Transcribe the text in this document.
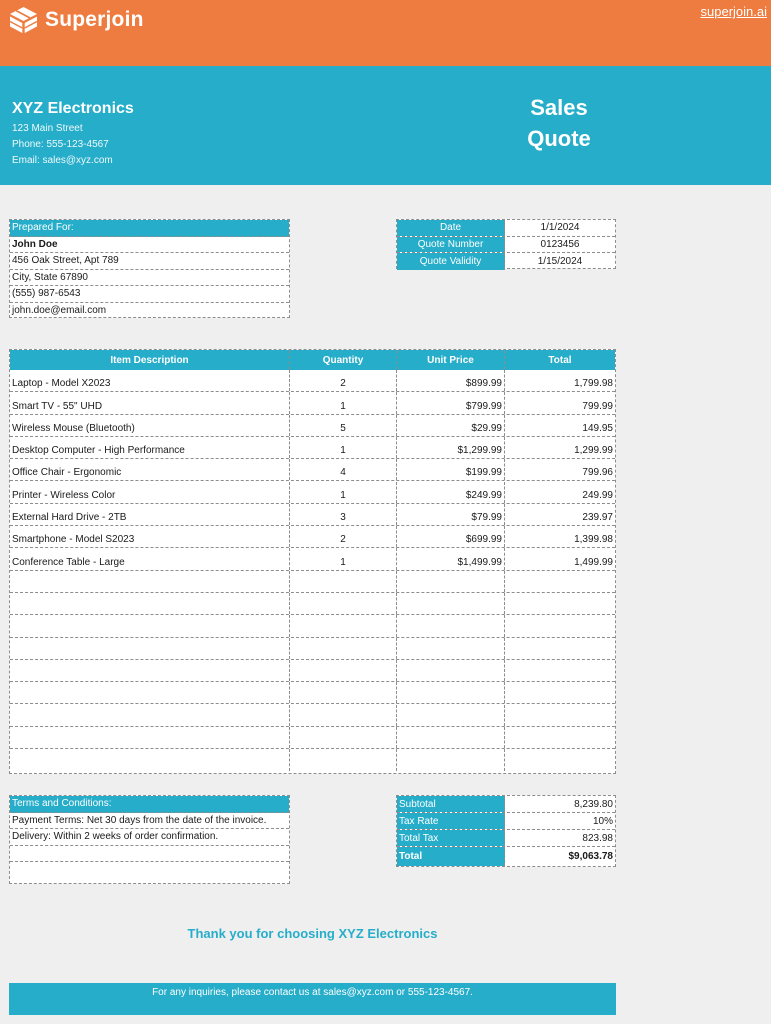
Superjoin	superjoin.ai
XYZ Electronics
123 Main Street
Phone: 555-123-4567
Email: sales@xyz.com
Sales
Quote
Prepared For:
John Doe
456 Oak Street, Apt 789
City, State 67890
(555) 987-6543
john.doe@email.com
Date	1/1/2024
Quote Number	0123456
Quote Validity	1/15/2024
Item Description	Quantity	Unit Price	Total
Laptop - Model X2023	2	$899.99	1,799.98
Smart TV - 55" UHD	1	$799.99	799.99
Wireless Mouse (Bluetooth)	5	$29.99	149.95
Desktop Computer - High Performance	1	$1,299.99	1,299.99
Office Chair - Ergonomic	4	$199.99	799.96
Printer - Wireless Color	1	$249.99	249.99
External Hard Drive - 2TB	3	$79.99	239.97
Smartphone - Model S2023	2	$699.99	1,399.98
Conference Table - Large	1	$1,499.99	1,499.99
Terms and Conditions:
Payment Terms: Net 30 days from the date of the invoice.
Delivery: Within 2 weeks of order confirmation.
Subtotal	8,239.80
Tax Rate	10%
Total Tax	823.98
Total	$9,063.78
Thank you for choosing XYZ Electronics
For any inquiries, please contact us at sales@xyz.com or 555-123-4567.
